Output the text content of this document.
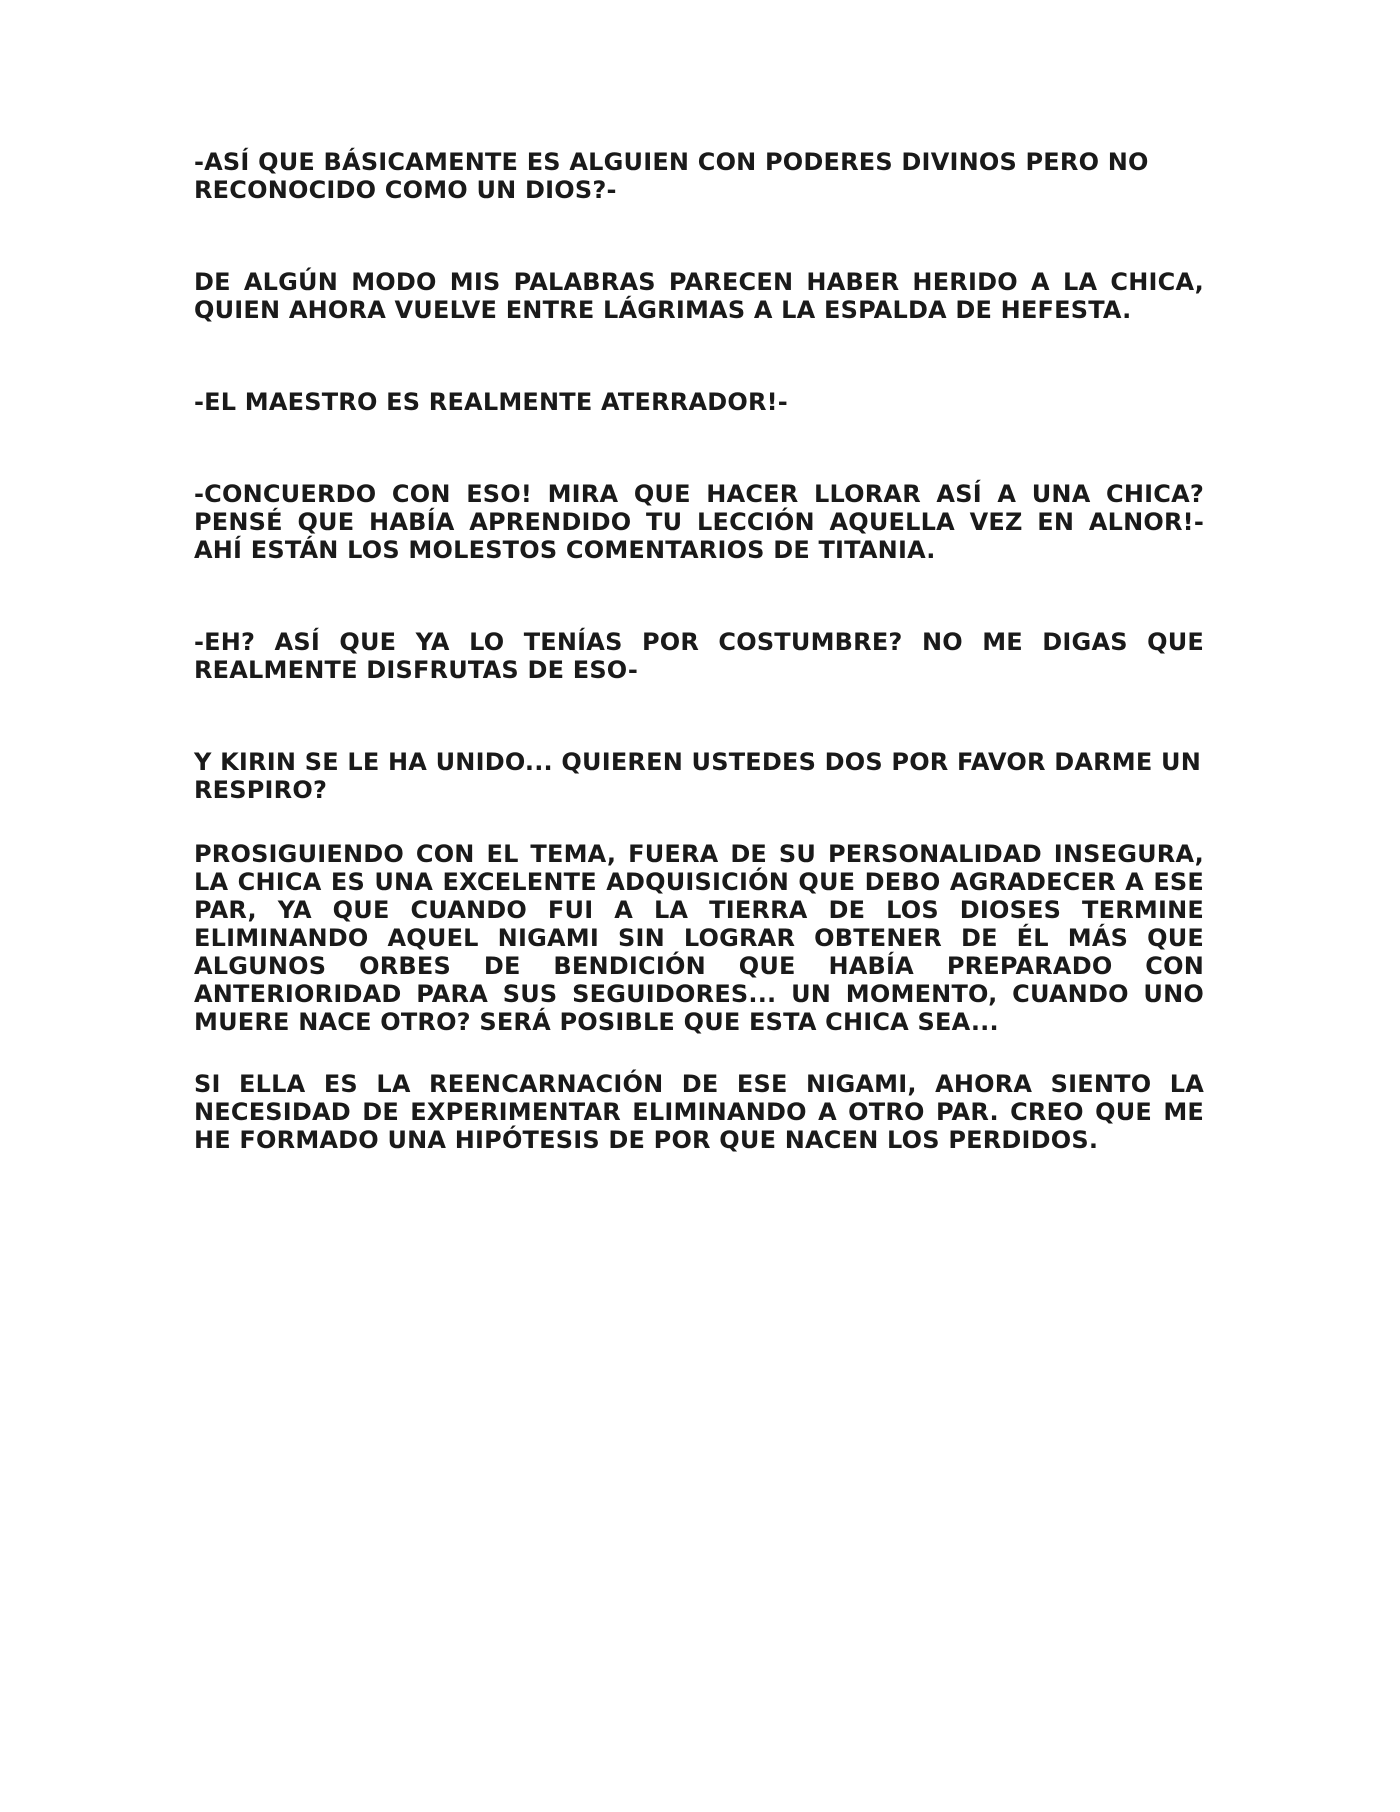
-ASÍ QUE BÁSICAMENTE ES ALGUIEN CON PODERES DIVINOS PERO NO RECONOCIDO COMO UN DIOS?-

DE ALGÚN MODO MIS PALABRAS PARECEN HABER HERIDO A LA CHICA, QUIEN AHORA VUELVE ENTRE LÁGRIMAS A LA ESPALDA DE HEFESTA.

-EL MAESTRO ES REALMENTE ATERRADOR!-

-CONCUERDO CON ESO! MIRA QUE HACER LLORAR ASÍ A UNA CHICA? PENSÉ QUE HABÍA APRENDIDO TU LECCIÓN AQUELLA VEZ EN ALNOR!- AHÍ ESTÁN LOS MOLESTOS COMENTARIOS DE TITANIA.

-EH? ASÍ QUE YA LO TENÍAS POR COSTUMBRE? NO ME DIGAS QUE REALMENTE DISFRUTAS DE ESO-

Y KIRIN SE LE HA UNIDO... QUIEREN USTEDES DOS POR FAVOR DARME UN RESPIRO?

PROSIGUIENDO CON EL TEMA, FUERA DE SU PERSONALIDAD INSEGURA, LA CHICA ES UNA EXCELENTE ADQUISICIÓN QUE DEBO AGRADECER A ESE PAR, YA QUE CUANDO FUI A LA TIERRA DE LOS DIOSES TERMINE ELIMINANDO AQUEL NIGAMI SIN LOGRAR OBTENER DE ÉL MÁS QUE ALGUNOS ORBES DE BENDICIÓN QUE HABÍA PREPARADO CON ANTERIORIDAD PARA SUS SEGUIDORES... UN MOMENTO, CUANDO UNO MUERE NACE OTRO? SERÁ POSIBLE QUE ESTA CHICA SEA...

SI ELLA ES LA REENCARNACIÓN DE ESE NIGAMI, AHORA SIENTO LA NECESIDAD DE EXPERIMENTAR ELIMINANDO A OTRO PAR. CREO QUE ME HE FORMADO UNA HIPÓTESIS DE POR QUE NACEN LOS PERDIDOS.
